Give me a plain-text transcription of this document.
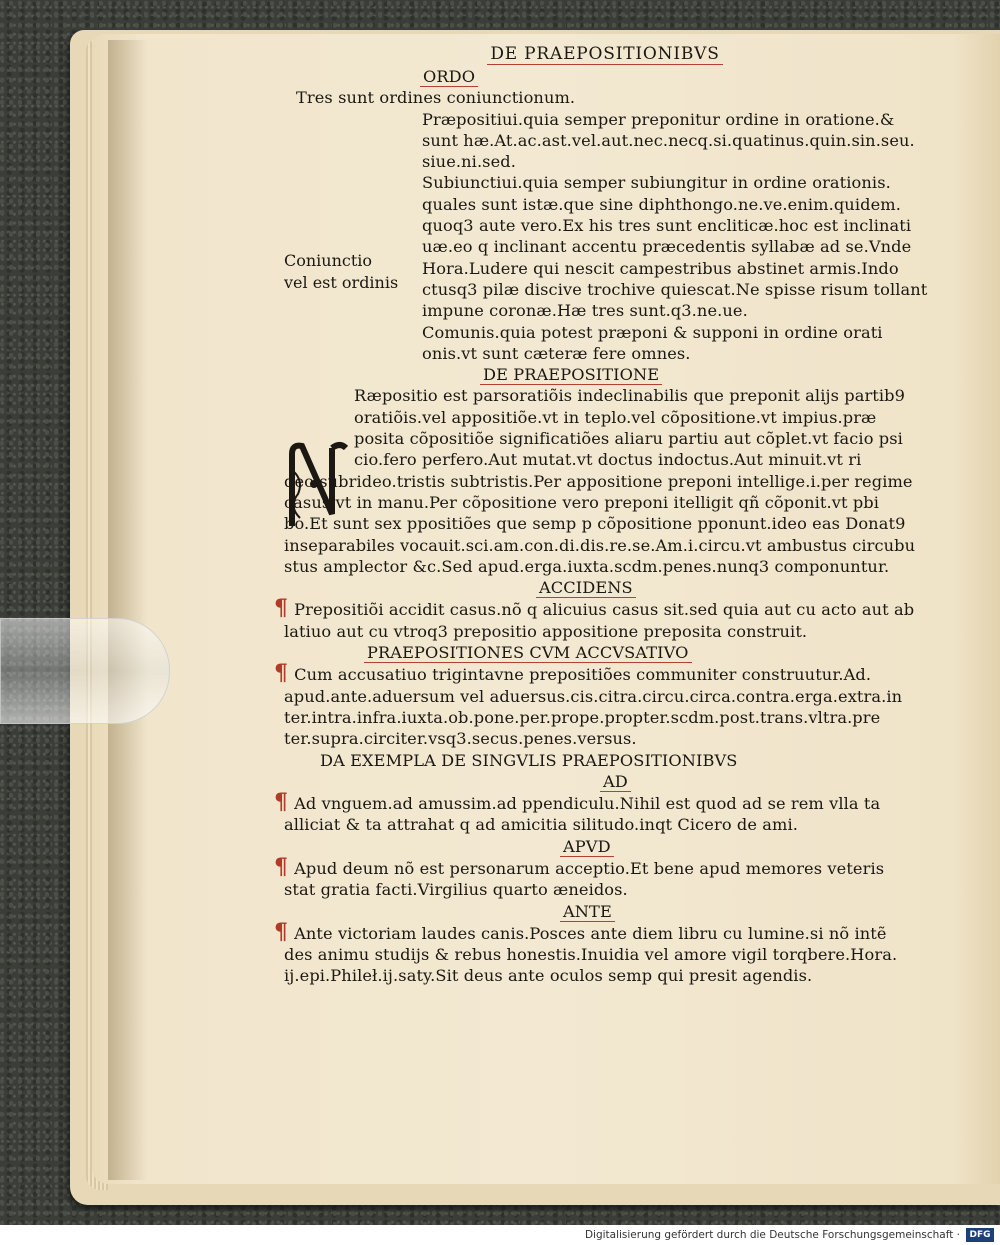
Coniunctio
vel est ordinis
DE PRAEPOSITIONIBVS
ORDO
Tres sunt ordines coniunctionum.
Præpositiui.quia semper preponitur ordine in oratione.&
sunt hæ.At.ac.ast.vel.aut.nec.necq.si.quatinus.quin.sin.seu.
siue.ni.sed.
Subiunctiui.quia semper subiungitur in ordine orationis.
quales sunt istæ.que sine diphthongo.ne.ve.enim.quidem.
quoq3 aute vero.Ex his tres sunt encliticæ.hoc est inclinati
uæ.eo q inclinant accentu præcedentis syllabæ ad se.Vnde
Hora.Ludere qui nescit campestribus abstinet armis.Indo
ctusq3 pilæ discive trochive quiescat.Ne spisse risum tollant
impune coronæ.Hæ tres sunt.q3.ne.ue.
Comunis.quia potest præponi & supponi in ordine orati
onis.vt sunt cæteræ fere omnes.
DE PRAEPOSITIONE
Ræpositio est parsoratiõis indeclinabilis que preponit alijs partib9
oratiõis.vel appositiõe.vt in teplo.vel cõpositione.vt impius.præ
posita cõpositiõe significatiões aliaru partiu aut cõplet.vt facio psi
cio.fero perfero.Aut mutat.vt doctus indoctus.Aut minuit.vt ri
deo subrideo.tristis subtristis.Per appositione preponi intellige.i.per regime
casus.vt in manu.Per cõpositione vero preponi itelligit qñ cõponit.vt pbi
bo.Et sunt sex ppositiões que semp p cõpositione pponunt.ideo eas Donat9
inseparabiles vocauit.sci.am.con.di.dis.re.se.Am.i.circu.vt ambustus circubu
stus amplector &c.Sed apud.erga.iuxta.scdm.penes.nunq3 componuntur.
ACCIDENS
¶ Prepositiõi accidit casus.nõ q alicuius casus sit.sed quia aut cu acto aut ab
latiuo aut cu vtroq3 prepositio appositione preposita construit.
PRAEPOSITIONES CVM ACCVSATIVO
¶ Cum accusatiuo trigintavne prepositiões communiter construutur.Ad.
apud.ante.aduersum vel aduersus.cis.citra.circu.circa.contra.erga.extra.in
ter.intra.infra.iuxta.ob.pone.per.prope.propter.scdm.post.trans.vltra.pre
ter.supra.circiter.vsq3.secus.penes.versus.
DA EXEMPLA DE SINGVLIS PRAEPOSITIONIBVS
AD
¶ Ad vnguem.ad amussim.ad ppendiculu.Nihil est quod ad se rem vlla ta
alliciat & ta attrahat q ad amicitia silitudo.inqt Cicero de ami.
APVD
¶ Apud deum nõ est personarum acceptio.Et bene apud memores veteris
stat gratia facti.Virgilius quarto æneidos.
ANTE
¶ Ante victoriam laudes canis.Posces ante diem libru cu lumine.si nõ intẽ
des animu studijs & rebus honestis.Inuidia vel amore vigil torqbere.Hora.
ij.epi.Phileł.ij.saty.Sit deus ante oculos semp qui presit agendis.
Digitalisierung gefördert durch die Deutsche Forschungsgemeinschaft ·	DFG
